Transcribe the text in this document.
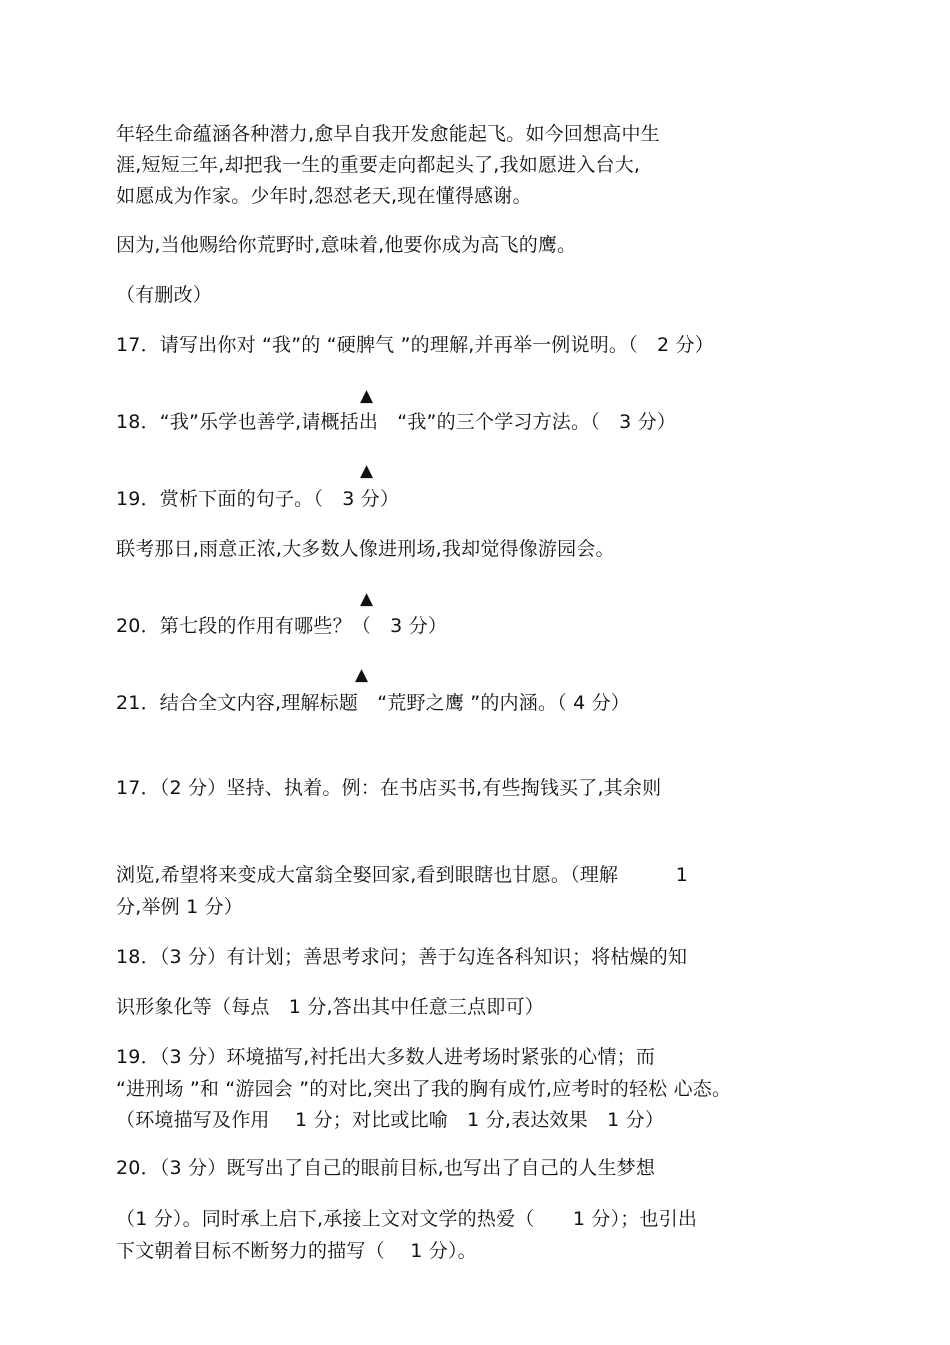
年轻生命蕴涵各种潜力,愈早自我开发愈能起飞。如今回想高中生
涯,短短三年,却把我一生的重要走向都起头了,我如愿进入台大,
如愿成为作家。少年时,怨怼老天,现在懂得感谢。
因为,当他赐给你荒野时,意味着,他要你成为高飞的鹰。
（有删改）
17．请写出你对 “我”的 “硬脾气 ”的理解,并再举一例说明。（　2 分）
▲
18．“我”乐学也善学,请概括出　“我”的三个学习方法。（　3 分）
▲
19．赏析下面的句子。（　3 分）
联考那日,雨意正浓,大多数人像进刑场,我却觉得像游园会。
▲
20．第七段的作用有哪些？（　3 分）
▲
21．结合全文内容,理解标题　“荒野之鹰 ”的内涵。（ 4 分）
17．（2 分）坚持、执着。例：在书店买书,有些掏钱买了,其余则
浏览,希望将来变成大富翁全娶回家,看到眼瞎也甘愿。（理解　　　1
分,举例 1 分）
18．（3 分）有计划；善思考求问；善于勾连各科知识；将枯燥的知
识形象化等（每点　1 分,答出其中任意三点即可）
19．（3 分）环境描写,衬托出大多数人进考场时紧张的心情；而
“进刑场 ”和 “游园会 ”的对比,突出了我的胸有成竹,应考时的轻松 心态。
（环境描写及作用　 1 分；对比或比喻　1 分,表达效果　1 分）
20．（3 分）既写出了自己的眼前目标,也写出了自己的人生梦想
（1 分）。同时承上启下,承接上文对文学的热爱（　　1 分）；也引出
下文朝着目标不断努力的描写（　 1 分）。
